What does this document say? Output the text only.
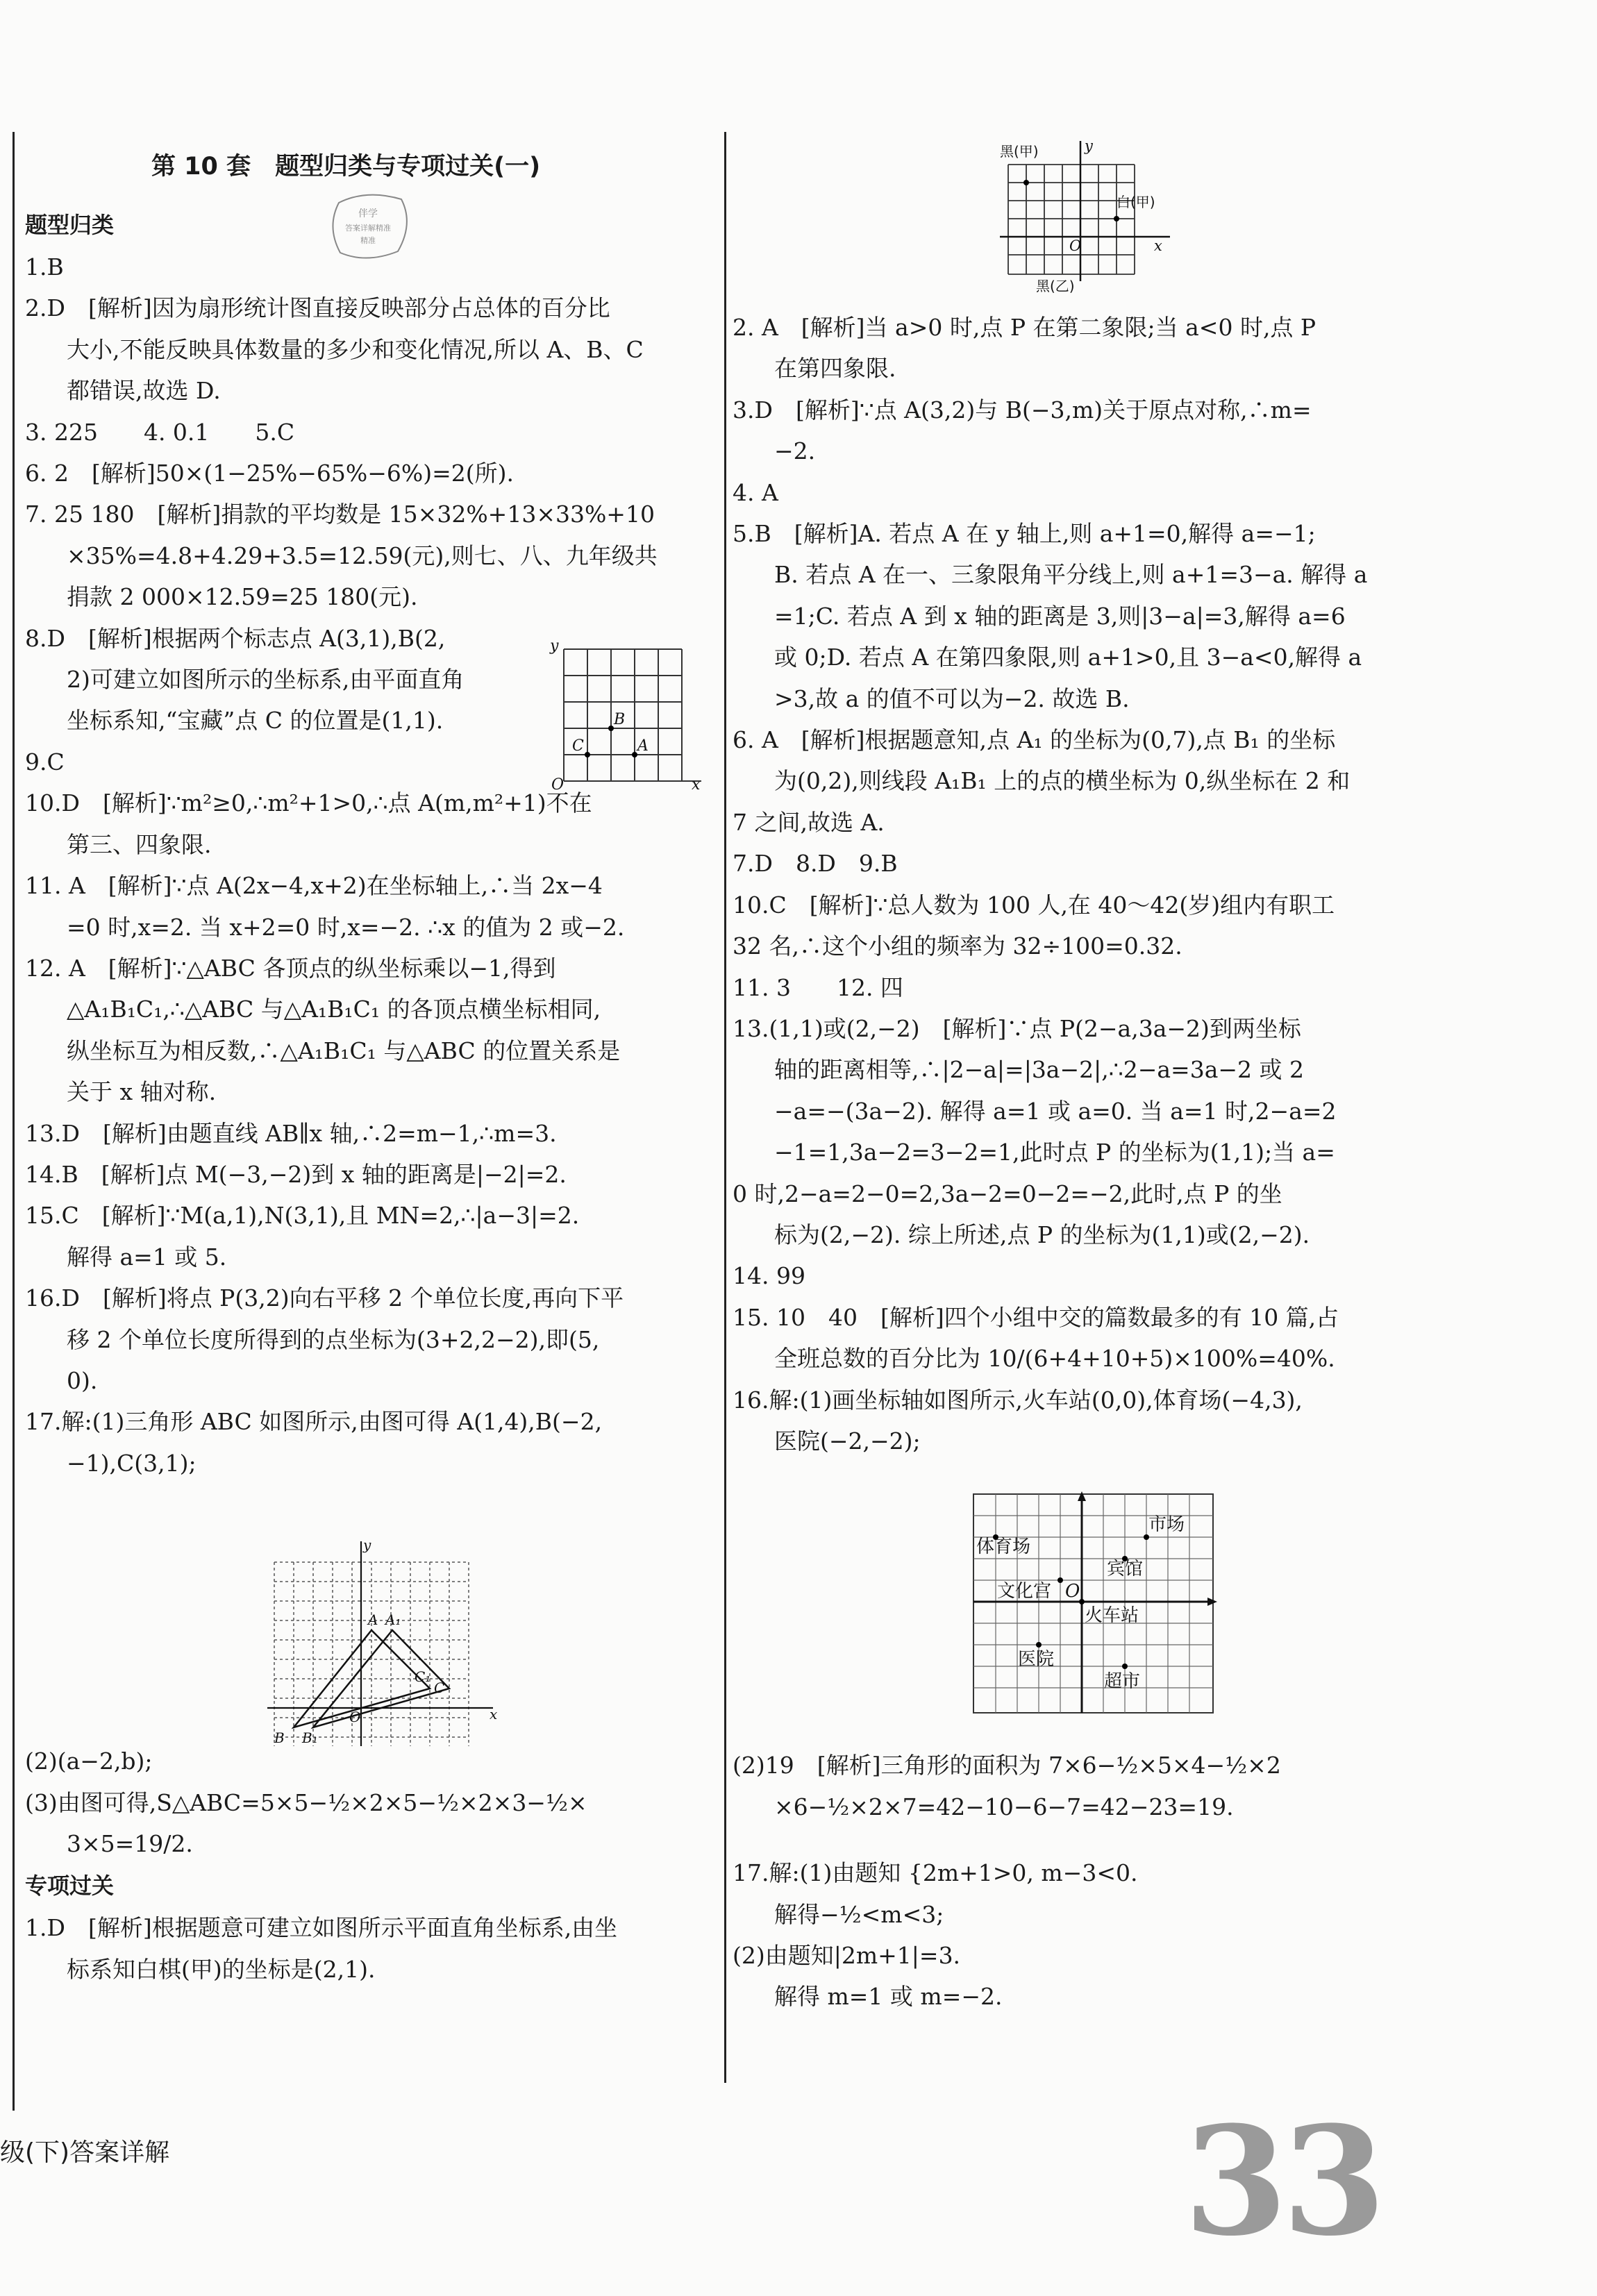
第 10 套　题型归类与专项过关(一)
伴学
答案详解精准
精准
题型归类
1.B
2.D　[解析]因为扇形统计图直接反映部分占总体的百分比
大小,不能反映具体数量的多少和变化情况,所以 A、B、C
都错误,故选 D.
3. 225　　4. 0.1　　5.C
6. 2　[解析]50×(1−25%−65%−6%)=2(所).
7. 25 180　[解析]捐款的平均数是 15×32%+13×33%+10
×35%=4.8+4.29+3.5=12.59(元),则七、八、九年级共
捐款 2 000×12.59=25 180(元).
8.D　[解析]根据两个标志点 A(3,1),B(2,
2)可建立如图所示的坐标系,由平面直角
坐标系知,“宝藏”点 C 的位置是(1,1).
9.C
10.D　[解析]∵m²≥0,∴m²+1>0,∴点 A(m,m²+1)不在
第三、四象限.
11. A　[解析]∵点 A(2x−4,x+2)在坐标轴上,∴当 2x−4
=0 时,x=2. 当 x+2=0 时,x=−2. ∴x 的值为 2 或−2.
12. A　[解析]∵△ABC 各顶点的纵坐标乘以−1,得到
△A₁B₁C₁,∴△ABC 与△A₁B₁C₁ 的各顶点横坐标相同,
纵坐标互为相反数,∴△A₁B₁C₁ 与△ABC 的位置关系是
关于 x 轴对称.
13.D　[解析]由题直线 AB∥x 轴,∴2=m−1,∴m=3.
14.B　[解析]点 M(−3,−2)到 x 轴的距离是|−2|=2.
15.C　[解析]∵M(a,1),N(3,1),且 MN=2,∴|a−3|=2.
解得 a=1 或 5.
16.D　[解析]将点 P(3,2)向右平移 2 个单位长度,再向下平
移 2 个单位长度所得到的点坐标为(3+2,2−2),即(5,
0).
17.解:(1)三角形 ABC 如图所示,由图可得 A(1,4),B(−2,
−1),C(3,1);
(2)(a−2,b);
(3)由图可得,S△ABC=5×5−½×2×5−½×2×3−½×
3×5=19/2.
专项过关
1.D　[解析]根据题意可建立如图所示平面直角坐标系,由坐
标系知白棋(甲)的坐标是(2,1).
2. A　[解析]当 a>0 时,点 P 在第二象限;当 a<0 时,点 P
在第四象限.
3.D　[解析]∵点 A(3,2)与 B(−3,m)关于原点对称,∴m=
−2.
4. A
5.B　[解析]A. 若点 A 在 y 轴上,则 a+1=0,解得 a=−1;
B. 若点 A 在一、三象限角平分线上,则 a+1=3−a. 解得 a
=1;C. 若点 A 到 x 轴的距离是 3,则|3−a|=3,解得 a=6
或 0;D. 若点 A 在第四象限,则 a+1>0,且 3−a<0,解得 a
>3,故 a 的值不可以为−2. 故选 B.
6. A　[解析]根据题意知,点 A₁ 的坐标为(0,7),点 B₁ 的坐标
为(0,2),则线段 A₁B₁ 上的点的横坐标为 0,纵坐标在 2 和
7 之间,故选 A.
7.D　8.D　9.B
10.C　[解析]∵总人数为 100 人,在 40～42(岁)组内有职工
32 名,∴这个小组的频率为 32÷100=0.32.
11. 3　　12. 四
13.(1,1)或(2,−2)　[解析]∵点 P(2−a,3a−2)到两坐标
轴的距离相等,∴|2−a|=|3a−2|,∴2−a=3a−2 或 2
−a=−(3a−2). 解得 a=1 或 a=0. 当 a=1 时,2−a=2
−1=1,3a−2=3−2=1,此时点 P 的坐标为(1,1);当 a=
0 时,2−a=2−0=2,3a−2=0−2=−2,此时,点 P 的坐
标为(2,−2). 综上所述,点 P 的坐标为(1,1)或(2,−2).
14. 99
15. 10　40　[解析]四个小组中交的篇数最多的有 10 篇,占
全班总数的百分比为 10/(6+4+10+5)×100%=40%.
16.解:(1)画坐标轴如图所示,火车站(0,0),体育场(−4,3),
医院(−2,−2);
(2)19　[解析]三角形的面积为 7×6−½×5×4−½×2
×6−½×2×7=42−10−6−7=42−23=19.
17.解:(1)由题知 {2m+1>0, m−3<0.
解得−½<m<3;
(2)由题知|2m+1|=3.
解得 m=1 或 m=−2.
y
B
C	A
O	x
y
A A₁
C₁
C
O	x
B B₁
黑(甲)	y
白(甲)
O	x
黑(乙)
市场
体育场
宾馆
文化宫 O
火车站
医院
超市
级(下)答案详解	33
